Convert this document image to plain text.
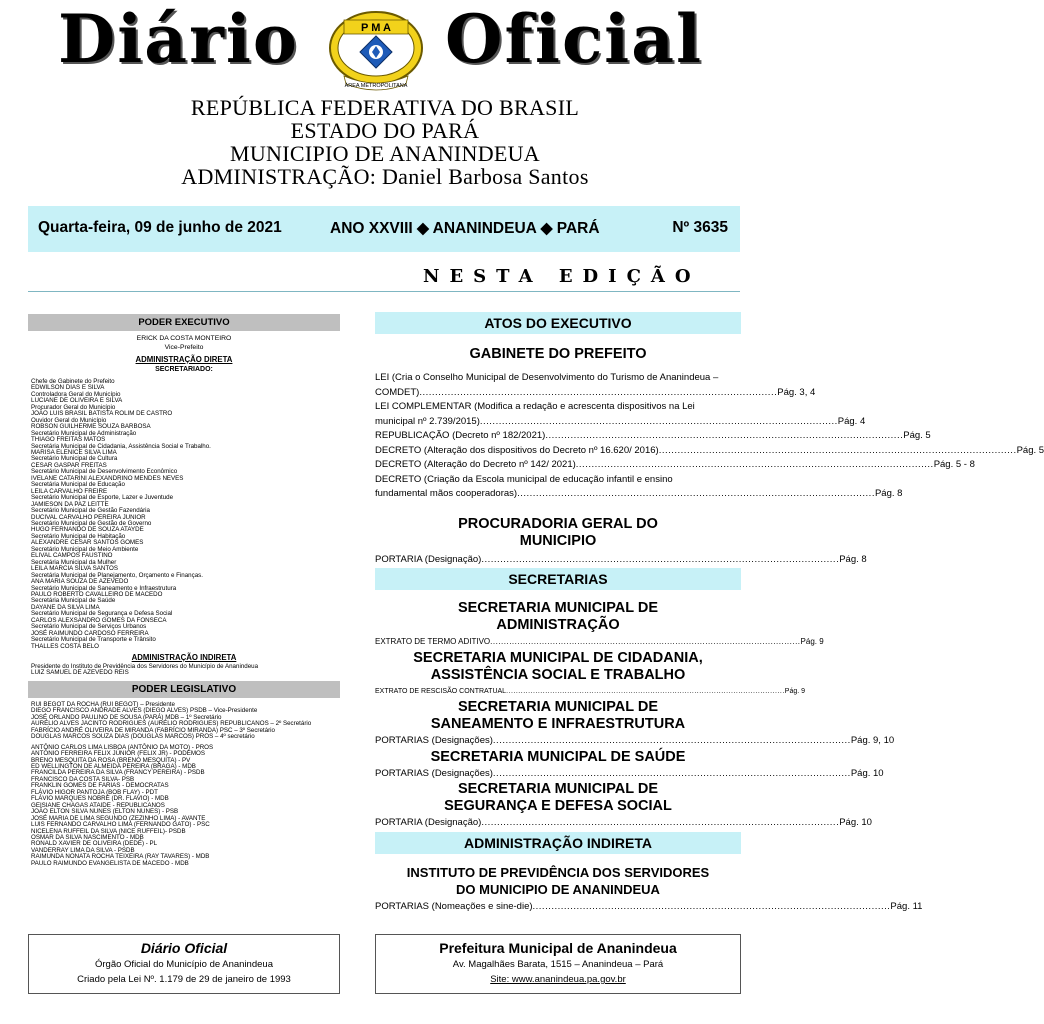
Diário	P M A
ÁREA METROPOLITANA
Oficial
REPÚBLICA FEDERATIVA DO BRASIL
ESTADO DO PARÁ
MUNICIPIO DE ANANINDEUA
ADMINISTRAÇÃO: Daniel Barbosa Santos
Quarta-feira, 09 de junho de 2021	ANO XXVIII ◆ ANANINDEUA ◆ PARÁ	Nº 3635
NESTA EDIÇÃO
PODER EXECUTIVO
ERICK DA COSTA MONTEIRO
Vice-Prefeito
ADMINISTRAÇÃO DIRETA
SECRETARIADO:
Chefe de Gabinete do Prefeito
EDWILSON DIAS E SILVA
Controladora Geral do Município
LUCIANE DE OLIVEIRA E SILVA
Procurador Geral do Município
JOÃO LUIS BRASIL BATISTA ROLIM DE CASTRO
Ouvidor Geral do Município
ROBSON GUILHERME SOUZA BARBOSA
Secretário Municipal de Administração
THIAGO FREITAS MATOS
Secretária Municipal de Cidadania, Assistência Social e Trabalho.
MARISA ELENICE SILVA LIMA
Secretário Municipal de Cultura
CESAR GASPAR FREITAS
Secretário Municipal de Desenvolvimento Econômico
IVELANE CATARINI ALEXANDRINO MENDES NEVES
Secretária Municipal de Educação
LEILA CARVALHO FREIRE
Secretário Municipal de Esporte, Lazer e Juventude
JAMIESON DA PAZ LEITTE
Secretário Municipal de Gestão Fazendária
DUCIVAL CARVALHO PEREIRA JUNIOR
Secretário Municipal de Gestão de Governo
HUGO FERNANDO DE SOUZA ATAYDE
Secretário Municipal de Habitação
ALEXANDRE CESAR SANTOS GOMES
Secretário Municipal de Meio Ambiente
ELIVAL CAMPOS FAUSTINO
Secretária Municipal da Mulher
LEILA MARCIA SILVA SANTOS
Secretária Municipal de Planejamento, Orçamento e Finanças.
ANA MARIA SOUZA DE AZEVEDO
Secretário Municipal de Saneamento e Infraestrutura
PAULO ROBERTO CAVALLEIRO DE MACEDO
Secretária Municipal de Saúde
DAYANE DA SILVA LIMA
Secretário Municipal de Segurança e Defesa Social
CARLOS ALEXSANDRO GOMES DA FONSECA
Secretário Municipal de Serviços Urbanos
JOSÉ RAIMUNDO CARDOSO FERREIRA
Secretário Municipal de Transporte e Trânsito
THALLES COSTA BELO
ADMINISTRAÇÃO INDIRETA
Presidente do Instituto de Previdência dos Servidores do Município de Ananindeua
LUIZ SAMUEL DE AZEVEDO REIS
PODER LEGISLATIVO
RUI BEGOT DA ROCHA (RUI BEGOT) – Presidente
DIEGO FRANCISCO ANDRADE ALVES (DIEGO ALVES) PSDB – Vice-Presidente
JOSÉ ORLANDO PAULINO DE SOUSA (PARÁ) MDB – 1º Secretário
AURÉLIO ALVES JACINTO RODRIGUES (AURÉLIO RODRIGUES) REPUBLICANOS – 2º Secretário
FABRÍCIO ANDRÉ OLIVEIRA DE MIRANDA (FABRÍCIO MIRANDA) PSC – 3º Secretário
DOUGLAS MARCOS SOUZA DIAS (DOUGLAS MARCOS) PROS – 4º secretário
ANTÔNIO CARLOS LIMA LISBOA (ANTÔNIO DA MOTO) - PROS
ANTÔNIO FERREIRA FELIX JÚNIOR (FELIX JR) - PODEMOS
BRENO MESQUITA DA ROSA (BRENO MESQUITA) - PV
ED WELLINGTON DE ALMEIDA PEREIRA (BRAGA) - MDB
FRANCILDA PEREIRA DA SILVA (FRANCY PEREIRA) - PSDB
FRANCISCO DA COSTA SILVA- PSB
FRANKLIN GOMES DE FARIAS - DEMOCRATAS
FLÁVIO HIGOR PANTOJA (BOB FLAY) - PDT
FLÁVIO MARQUES NOBRE (DR. FLAVIO) - MDB
GEISIANE CHAGAS ATAIDE - REPUBLICANOS
JOÃO ELTON SILVA NUNES (ELTON NUNES) - PSB
JOSÉ MARIA DE LIMA SEGUNDO (ZEZINHO LIMA) - AVANTE
LUIS FERNANDO CARVALHO LIMA (FERNANDO GATO) - PSC
NICELENA RUFFEIL DA SILVA (NICE RUFFEIL)- PSDB
OSMAR DA SILVA NASCIMENTO - MDB
RONALD XAVIER DE OLIVEIRA (DEDÉ) - PL
VANDERRAY LIMA DA SILVA - PSDB
RAIMUNDA NONATA ROCHA TEIXEIRA (RAY TAVARES) - MDB
PAULO RAIMUNDO EVANGELISTA DE MACEDO - MDB
ATOS DO EXECUTIVO
GABINETE DO PREFEITO
LEI (Cria o Conselho Municipal de Desenvolvimento do Turismo de Ananindeua –
COMDET) .................................................................................................................. Pág. 3, 4
LEI COMPLEMENTAR (Modifica a redação e acrescenta dispositivos na Lei
municipal nº 2.739/2015) .................................................................................................................. Pág. 4
REPUBLICAÇÃO (Decreto nº 182/2021) .................................................................................................................. Pág. 5
DECRETO (Alteração dos dispositivos do Decreto nº 16.620/ 2016) .................................................................................................................. Pág. 5
DECRETO (Alteração do Decreto nº 142/ 2021) .................................................................................................................. Pág. 5 - 8
DECRETO (Criação da Escola municipal de educação infantil e ensino
fundamental mãos cooperadoras) .................................................................................................................. Pág. 8
PROCURADORIA GERAL DO
MUNICIPIO
PORTARIA (Designação) .................................................................................................................. Pág. 8
SECRETARIAS
SECRETARIA MUNICIPAL DE
ADMINISTRAÇÃO
EXTRATO DE TERMO ADITIVO .................................................................................................................. Pág. 9
SECRETARIA MUNICIPAL DE CIDADANIA,
ASSISTÊNCIA SOCIAL E TRABALHO
EXTRATO DE RESCISÃO CONTRATUAL .................................................................................................................. Pág. 9
SECRETARIA MUNICIPAL DE
SANEAMENTO E INFRAESTRUTURA
PORTARIAS (Designações) .................................................................................................................. Pág. 9, 10
SECRETARIA MUNICIPAL DE SAÚDE
PORTARIAS (Designações) .................................................................................................................. Pág. 10
SECRETARIA MUNICIPAL DE
SEGURANÇA E DEFESA SOCIAL
PORTARIA (Designação) .................................................................................................................. Pág. 10
ADMINISTRAÇÃO INDIRETA
INSTITUTO DE PREVIDÊNCIA DOS SERVIDORES
DO MUNICIPIO DE ANANINDEUA
PORTARIAS (Nomeações e sine-die) .................................................................................................................. Pág. 11
Diário Oficial
Órgão Oficial do Município de Ananindeua
Criado pela Lei Nº. 1.179 de 29 de janeiro de 1993
Prefeitura Municipal de Ananindeua
Av. Magalhães Barata, 1515 – Ananindeua – Pará
Site: www.ananindeua.pa.gov.br
